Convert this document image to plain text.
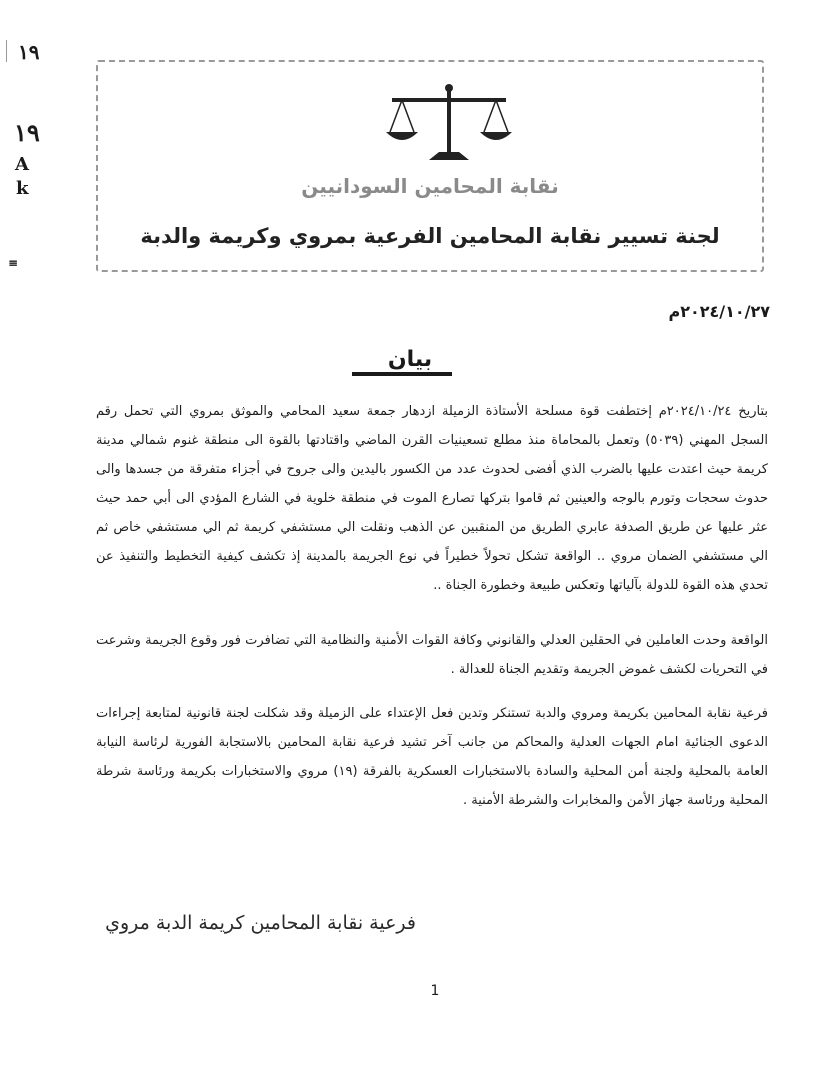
١٩
١٩
A
k
≡
نقابة المحامين السودانيين
لجنة تسيير نقابة المحامين الفرعية بمروي وكريمة والدبة
٢٠٢٤/١٠/٢٧م
بيان
بتاريخ ٢٠٢٤/١٠/٢٤م إختطفت قوة مسلحة الأستاذة الزميلة ازدهار جمعة سعيد المحامي والموثق بمروي التي تحمل رقم السجل المهني (٥٠٣٩) وتعمل بالمحاماة منذ مطلع تسعينيات القرن الماضي واقتادتها بالقوة الى منطقة غنوم شمالي مدينة كريمة حيث اعتدت عليها بالضرب الذي أفضى لحدوث عدد من الكسور باليدين والى جروح في أجزاء متفرقة من جسدها والى حدوث سحجات وتورم بالوجه والعينين ثم قاموا بتركها تصارع الموت في منطقة خلوية في الشارع المؤدي الى أبي حمد حيث عثر عليها عن طريق الصدفة عابري الطريق من المنقبين عن الذهب ونقلت الي مستشفي كريمة ثم الي مستشفي خاص ثم الي مستشفي الضمان مروي .. الواقعة تشكل تحولاً خطيراً في نوع الجريمة بالمدينة إذ تكشف كيفية التخطيط والتنفيذ عن تحدي هذه القوة للدولة بآلياتها وتعكس طبيعة وخطورة الجناة ..
الواقعة وحدت العاملين في الحقلين العدلي والقانوني وكافة القوات الأمنية والنظامية التي تضافرت فور وقوع الجريمة وشرعت في التحريات لكشف غموض الجريمة وتقديم الجناة للعدالة .
فرعية نقابة المحامين بكريمة ومروي والدبة تستنكر وتدين فعل الإعتداء على الزميلة وقد شكلت لجنة قانونية لمتابعة إجراءات الدعوى الجنائية امام الجهات العدلية والمحاكم من جانب آخر تشيد فرعية نقابة المحامين بالاستجابة الفورية لرئاسة النيابة العامة بالمحلية ولجنة أمن المحلية والسادة بالاستخبارات العسكرية بالفرقة (١٩) مروي والاستخبارات بكريمة ورئاسة شرطة المحلية ورئاسة جهاز الأمن والمخابرات والشرطة الأمنية .
فرعية نقابة المحامين كريمة الدبة مروي
1
